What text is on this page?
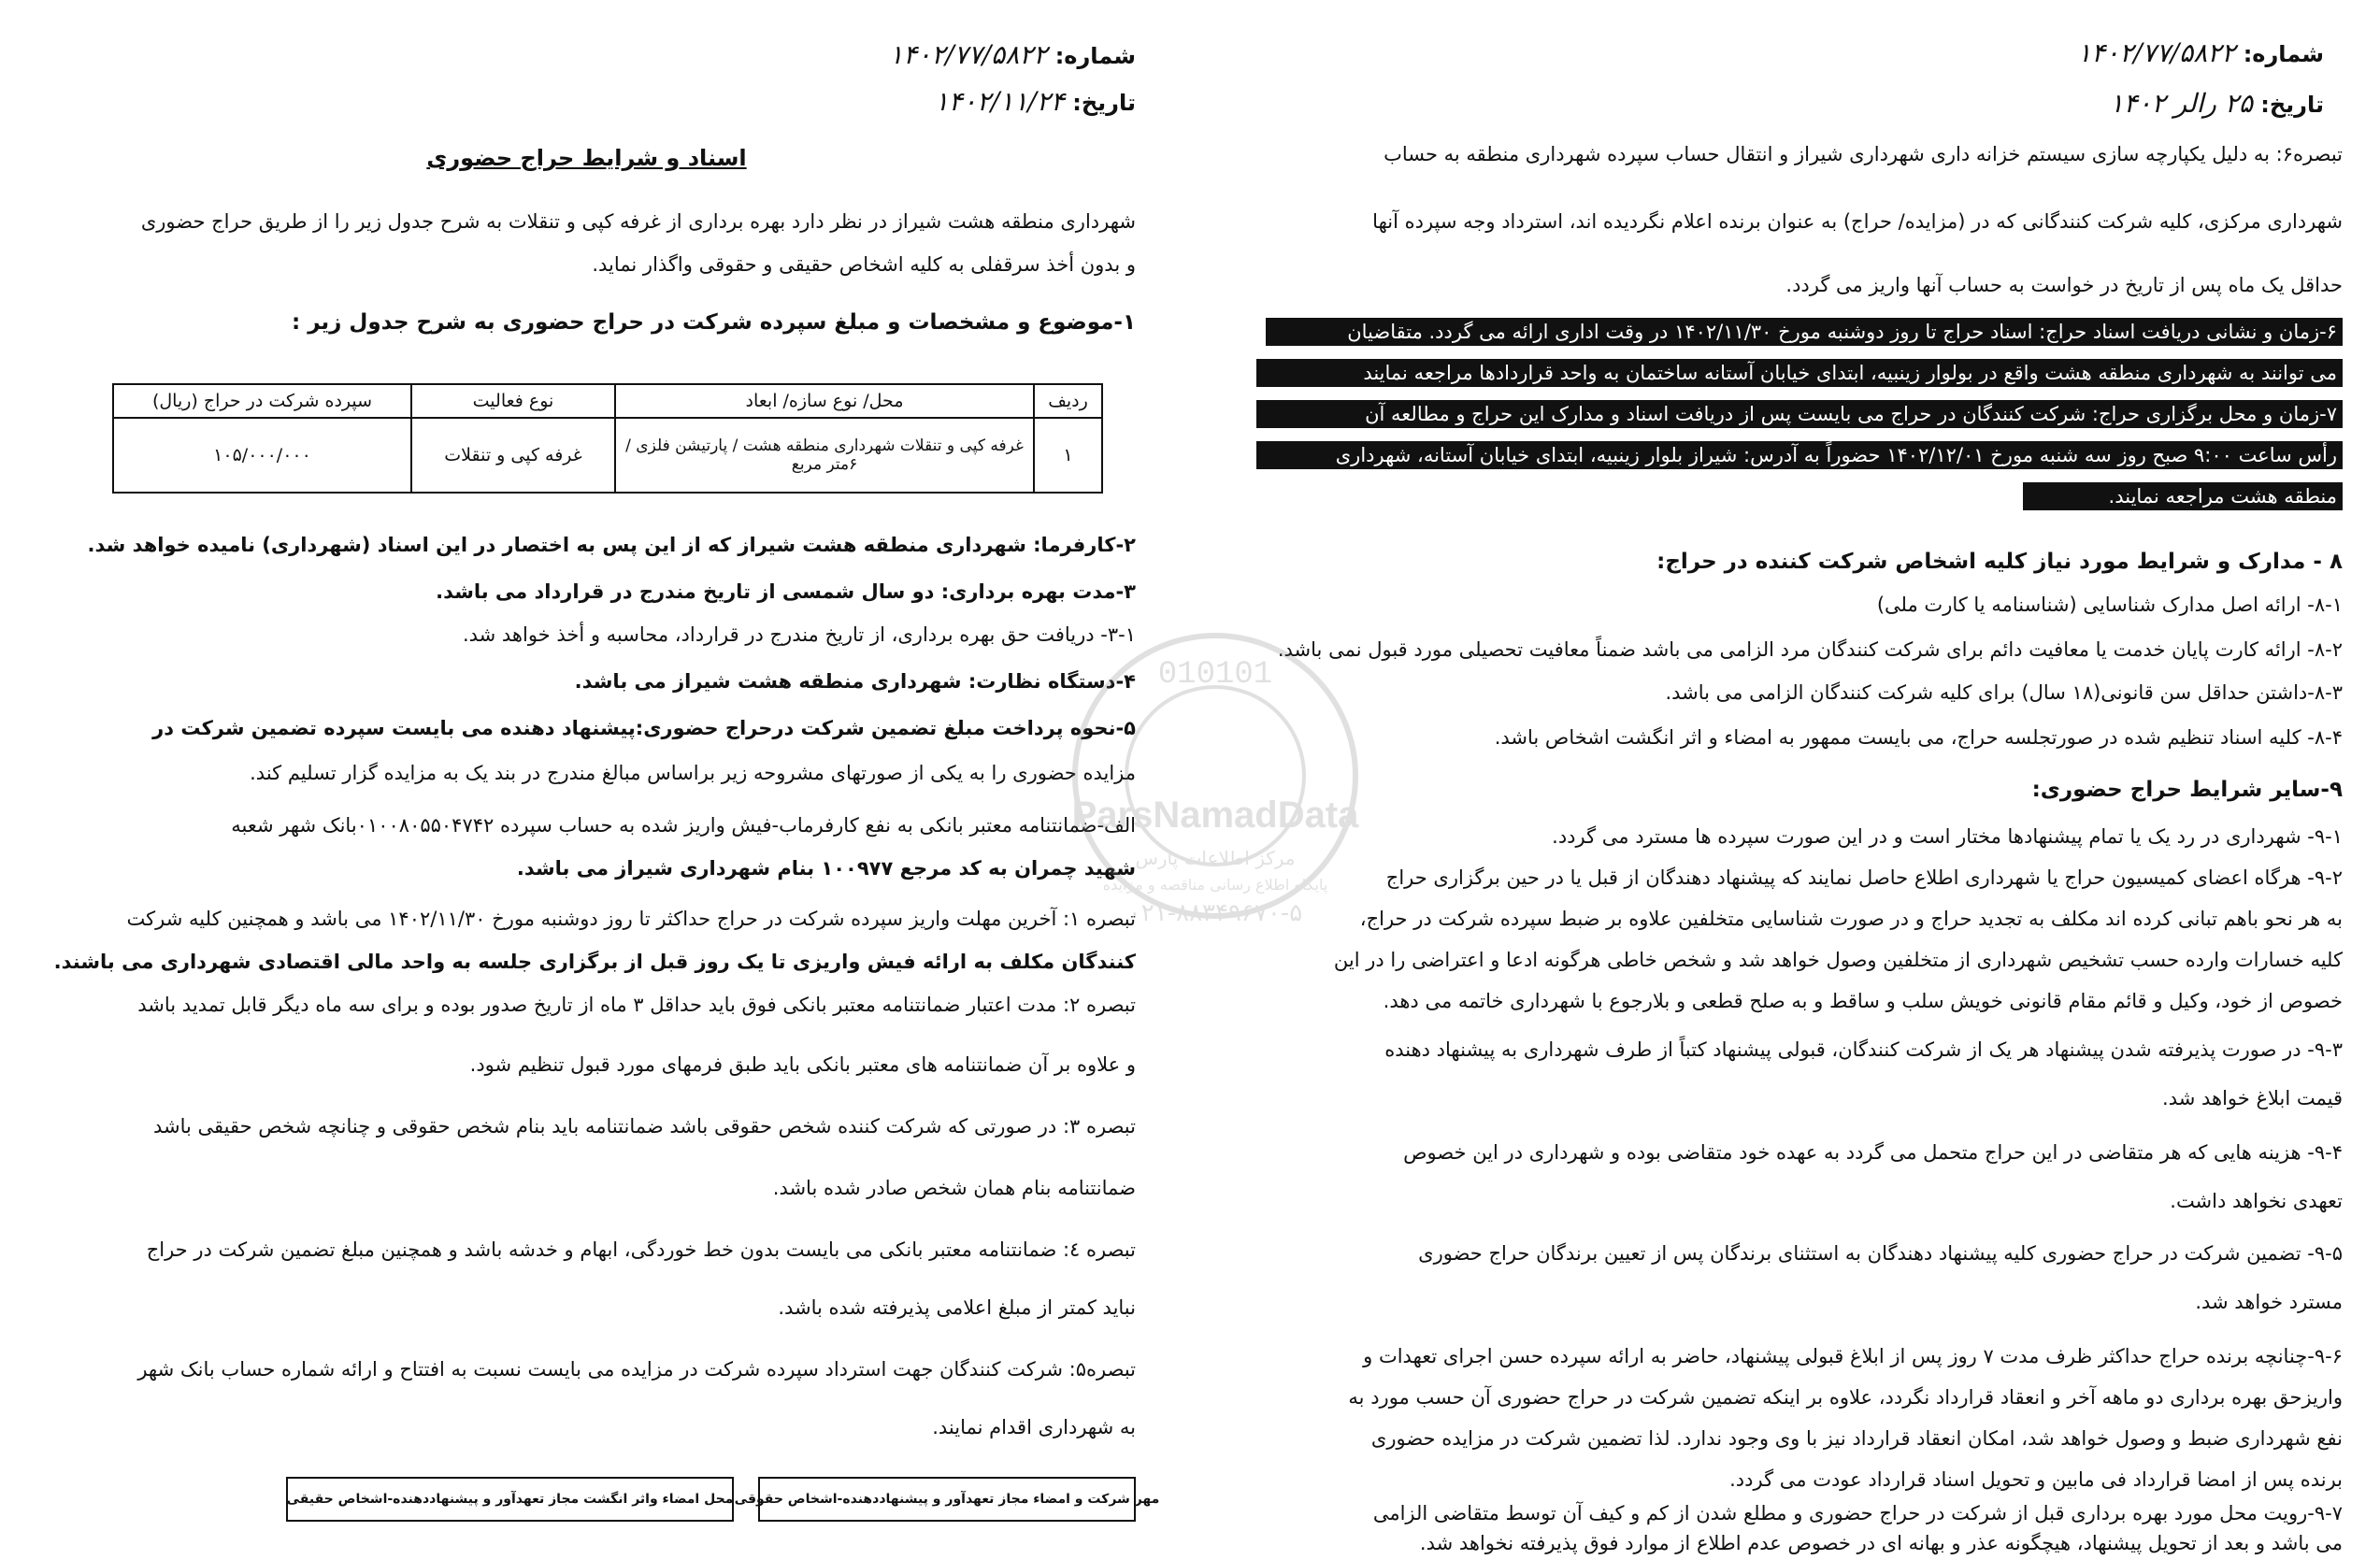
شماره: ۱۴۰۲/۷۷/۵۸۲۲
تاریخ: ۱۴۰۲/۱۱/۲۴
اسناد و شرایط حراج حضوری
شهرداری منطقه هشت شیراز در نظر دارد بهره برداری از غرفه کپی و تنقلات به شرح جدول زیر را از طریق حراج حضوری
و بدون أخذ سرقفلی به کلیه اشخاص حقیقی و حقوقی واگذار نماید.
۱-موضوع و مشخصات و مبلغ سپرده شرکت در حراج حضوری به شرح جدول زیر :
ردیف	محل/ نوع سازه/ ابعاد	نوع فعالیت	سپرده شرکت در حراج (ریال)
۱	غرفه کپی و تنقلات شهرداری منطقه هشت / پارتیشن فلزی / ۶متر مربع	غرفه کپی و تنقلات	۱۰۵/۰۰۰/۰۰۰
۲-کارفرما: شهرداری منطقه هشت شیراز که از این پس به اختصار در این اسناد (شهرداری) نامیده خواهد شد.
۳-مدت بهره برداری: دو سال شمسی از تاریخ مندرج در قرارداد می باشد.
۳-۱- دریافت حق بهره برداری، از تاریخ مندرج در قرارداد، محاسبه و أخذ خواهد شد.
۴-دستگاه نظارت: شهرداری منطقه هشت شیراز می باشد.
۵-نحوه پرداخت مبلغ تضمین شرکت درحراج حضوری:پیشنهاد دهنده می بایست سپرده تضمین شرکت در
مزایده حضوری را به یکی از صورتهای مشروحه زیر براساس مبالغ مندرج در بند یک به مزایده گزار تسلیم کند.
الف-ضمانتنامه معتبر بانکی به نفع کارفرماب-فیش واریز شده به حساب سپرده ۰۱۰۰۸۰۵۵۰۴۷۴۲بانک شهر شعبه
شهید چمران به کد مرجع ۱۰۰۹۷۷ بنام شهرداری شیراز می باشد.
تبصره ۱: آخرین مهلت واریز سپرده شرکت در حراج حداکثر تا روز دوشنبه مورخ ۱۴۰۲/۱۱/۳۰ می باشد و همچنین کلیه شرکت
کنندگان مکلف به ارائه فیش واریزی تا یک روز قبل از برگزاری جلسه به واحد مالی اقتصادی شهرداری می باشند.
تبصره ۲: مدت اعتبار ضمانتنامه معتبر بانکی فوق باید حداقل ۳ ماه از تاریخ صدور بوده و برای سه ماه دیگر قابل تمدید باشد
و علاوه بر آن ضمانتنامه های معتبر بانکی باید طبق فرمهای مورد قبول تنظیم شود.
تبصره ۳: در صورتی که شرکت کننده شخص حقوقی باشد ضمانتنامه باید بنام شخص حقوقی و چنانچه شخص حقیقی باشد
ضمانتنامه بنام همان شخص صادر شده باشد.
تبصره ٤: ضمانتنامه معتبر بانکی می بایست بدون خط خوردگی، ابهام و خدشه باشد و همچنین مبلغ تضمین شرکت در حراج
نباید کمتر از مبلغ اعلامی پذیرفته شده باشد.
تبصره۵: شرکت کنندگان جهت استرداد سپرده شرکت در مزایده می بایست نسبت به افتتاح و ارائه شماره حساب بانک شهر
به شهرداری اقدام نمایند.
مهر شرکت و امضاء مجاز تعهدآور و پیشنهاددهنده-اشخاص حقوقی
محل امضاء واثر انگشت مجاز تعهدآور و پیشنهاددهنده-اشخاص حقیقی
شماره: ۱۴۰۲/۷۷/۵۸۲۲
تاریخ: ۲۵ رالر ۱۴۰۲
تبصره۶: به دلیل یکپارچه سازی سیستم خزانه داری شهرداری شیراز و انتقال حساب سپرده شهرداری منطقه به حساب
شهرداری مرکزی، کلیه شرکت کنندگانی که در (مزایده/ حراج) به عنوان برنده اعلام نگردیده اند، استرداد وجه سپرده آنها
حداقل یک ماه پس از تاریخ در خواست به حساب آنها واریز می گردد.
۶-زمان و نشانی دریافت اسناد حراج: اسناد حراج تا روز دوشنبه مورخ ۱۴۰۲/۱۱/۳۰ در وقت اداری ارائه می گردد. متقاضیان
می توانند به شهرداری منطقه هشت واقع در بولوار زینبیه، ابتدای خیابان آستانه ساختمان به واحد قراردادها مراجعه نمایند
۷-زمان و محل برگزاری حراج: شرکت کنندگان در حراج می بایست پس از دریافت اسناد و مدارک این حراج و مطالعه آن
رأس ساعت ۹:۰۰ صبح روز سه شنبه مورخ ۱۴۰۲/۱۲/۰۱ حضوراً به آدرس: شیراز بلوار زینبیه، ابتدای خیابان آستانه، شهرداری
منطقه هشت مراجعه نمایند.
۸ - مدارک و شرایط مورد نیاز کلیه اشخاص شرکت کننده در حراج:
۸-۱- ارائه اصل مدارک شناسایی (شناسنامه یا کارت ملی)
۸-۲- ارائه کارت پایان خدمت یا معافیت دائم برای شرکت کنندگان مرد الزامی می باشد ضمناً معافیت تحصیلی مورد قبول نمی باشد.
۸-۳-داشتن حداقل سن قانونی(۱۸ سال) برای کلیه شرکت کنندگان الزامی می باشد.
۸-۴- کلیه اسناد تنظیم شده در صورتجلسه حراج، می بایست ممهور به امضاء و اثر انگشت اشخاص باشد.
۹-سایر شرایط حراج حضوری:
۹-۱- شهرداری در رد یک یا تمام پیشنهادها مختار است و در این صورت سپرده ها مسترد می گردد.
۹-۲- هرگاه اعضای کمیسیون حراج یا شهرداری اطلاع حاصل نمایند که پیشنهاد دهندگان از قبل یا در حین برگزاری حراج
به هر نحو باهم تبانی کرده اند مکلف به تجدید حراج و در صورت شناسایی متخلفین علاوه بر ضبط سپرده شرکت در حراج،
کلیه خسارات وارده حسب تشخیص شهرداری از متخلفین وصول خواهد شد و شخص خاطی هرگونه ادعا و اعتراضی را در این
خصوص از خود، وکیل و قائم مقام قانونی خویش سلب و ساقط و به صلح قطعی و بلارجوع با شهرداری خاتمه می دهد.
۹-۳- در صورت پذیرفته شدن پیشنهاد هر یک از شرکت کنندگان، قبولی پیشنهاد کتباً از طرف شهرداری به پیشنهاد دهنده
قیمت ابلاغ خواهد شد.
۹-۴- هزینه هایی که هر متقاضی در این حراج متحمل می گردد به عهده خود متقاضی بوده و شهرداری در این خصوص
تعهدی نخواهد داشت.
۹-۵- تضمین شرکت در حراج حضوری کلیه پیشنهاد دهندگان به استثنای برندگان پس از تعیین برندگان حراج حضوری
مسترد خواهد شد.
۹-۶-چنانچه برنده حراج حداکثر ظرف مدت ۷ روز پس از ابلاغ قبولی پیشنهاد، حاضر به ارائه سپرده حسن اجرای تعهدات و
واریزحق بهره برداری دو ماهه آخر و انعقاد قرارداد نگردد، علاوه بر اینکه تضمین شرکت در حراج حضوری آن حسب مورد به
نفع شهرداری ضبط و وصول خواهد شد، امکان انعقاد قرارداد نیز با وی وجود ندارد. لذا تضمین شرکت در مزایده حضوری
برنده پس از امضا قرارداد فی مابین و تحویل اسناد قرارداد عودت می گردد.
۹-۷-رویت محل مورد بهره برداری قبل از شرکت در حراج حضوری و مطلع شدن از کم و کیف آن توسط متقاضی الزامی
می باشد و بعد از تحویل پیشنهاد، هیچگونه عذر و بهانه ای در خصوص عدم اطلاع از موارد فوق پذیرفته نخواهد شد.
010101
ParsNamadData
مرکز اطلاعات پارس
پایگاه اطلاع رسانی مناقصه و مزایده
۰۲۱-۸۸۳۴۹۶۷۰-۵
